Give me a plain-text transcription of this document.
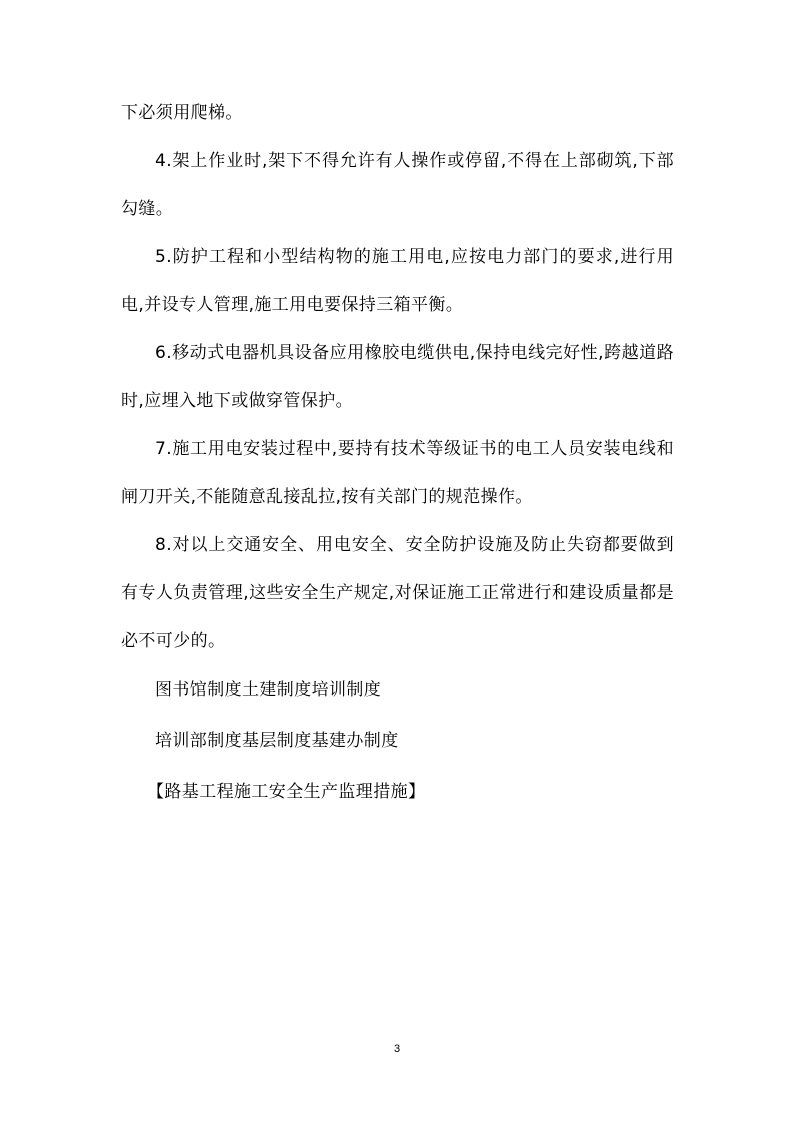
下必须用爬梯。

4.架上作业时,架下不得允许有人操作或停留,不得在上部砌筑,下部勾缝。

5.防护工程和小型结构物的施工用电,应按电力部门的要求,进行用电,并设专人管理,施工用电要保持三箱平衡。

6.移动式电器机具设备应用橡胶电缆供电,保持电线完好性,跨越道路时,应埋入地下或做穿管保护。

7.施工用电安装过程中,要持有技术等级证书的电工人员安装电线和闸刀开关,不能随意乱接乱拉,按有关部门的规范操作。

8.对以上交通安全、用电安全、安全防护设施及防止失窃都要做到有专人负责管理,这些安全生产规定,对保证施工正常进行和建设质量都是必不可少的。

图书馆制度土建制度培训制度

培训部制度基层制度基建办制度

【路基工程施工安全生产监理措施】

3
